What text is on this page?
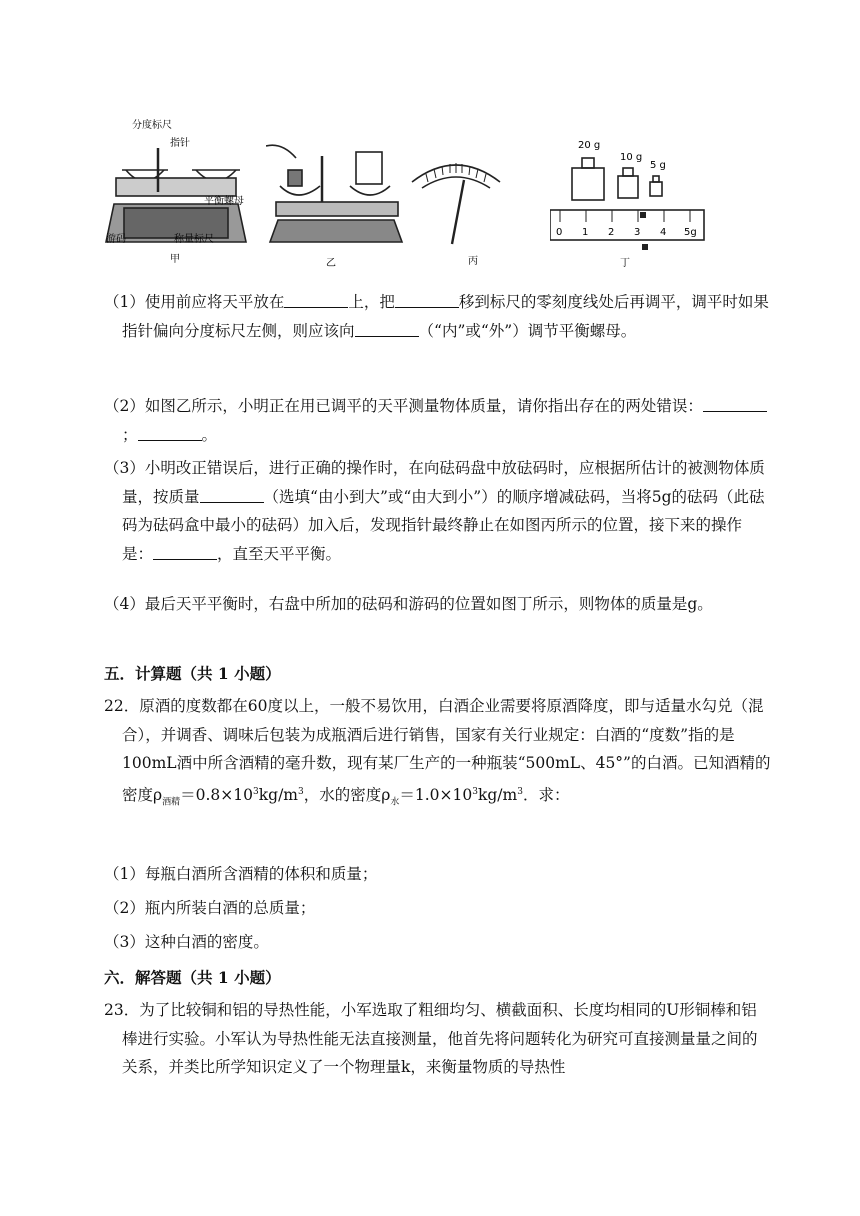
分度标尺
指针
平衡螺母
游码	称量标尺
甲	乙	丙
20 g
10 g
5 g
0 1 2 3 4 5g
丁
（1）使用前应将天平放在	上，把	移到标尺的零刻度线处后再调平，调平时如果指针偏向分度标尺左侧，则应该向	（“内”或“外”）调节平衡螺母。
（2）如图乙所示，小明正在用已调平的天平测量物体质量，请你指出存在的两处错误：；	。
（3）小明改正错误后，进行正确的操作时，在向砝码盘中放砝码时，应根据所估计的被测物体质量，按质量	（选填“由小到大”或“由大到小”）的顺序增减砝码，当将5g的砝码（此砝码为砝码盒中最小的砝码）加入后，发现指针最终静止在如图丙所示的位置，接下来的操作是：	，直至天平平衡。
（4）最后天平平衡时，右盘中所加的砝码和游码的位置如图丁所示，则物体的质量是g。
五．计算题（共 1 小题）
22．原酒的度数都在60度以上，一般不易饮用，白酒企业需要将原酒降度，即与适量水勾兑（混合），并调香、调味后包装为成瓶酒后进行销售，国家有关行业规定：白酒的“度数”指的是100mL酒中所含酒精的毫升数，现有某厂生产的一种瓶装“500mL、45°”的白酒。已知酒精的密度$\rho_{酒精}=0.8\times 10^3kg/m^3$，水的密度$\rho_水=1.0\times 10^3kg/m^3$．求：
（1）每瓶白酒所含酒精的体积和质量；
（2）瓶内所装白酒的总质量；
（3）这种白酒的密度。
六．解答题（共 1 小题）
23．为了比较铜和铝的导热性能，小军选取了粗细均匀、横截面积、长度均相同的U形铜棒和铝棒进行实验。小军认为导热性能无法直接测量，他首先将问题转化为研究可直接测量量之间的关系，并类比所学知识定义了一个物理量k，来衡量物质的导热性
